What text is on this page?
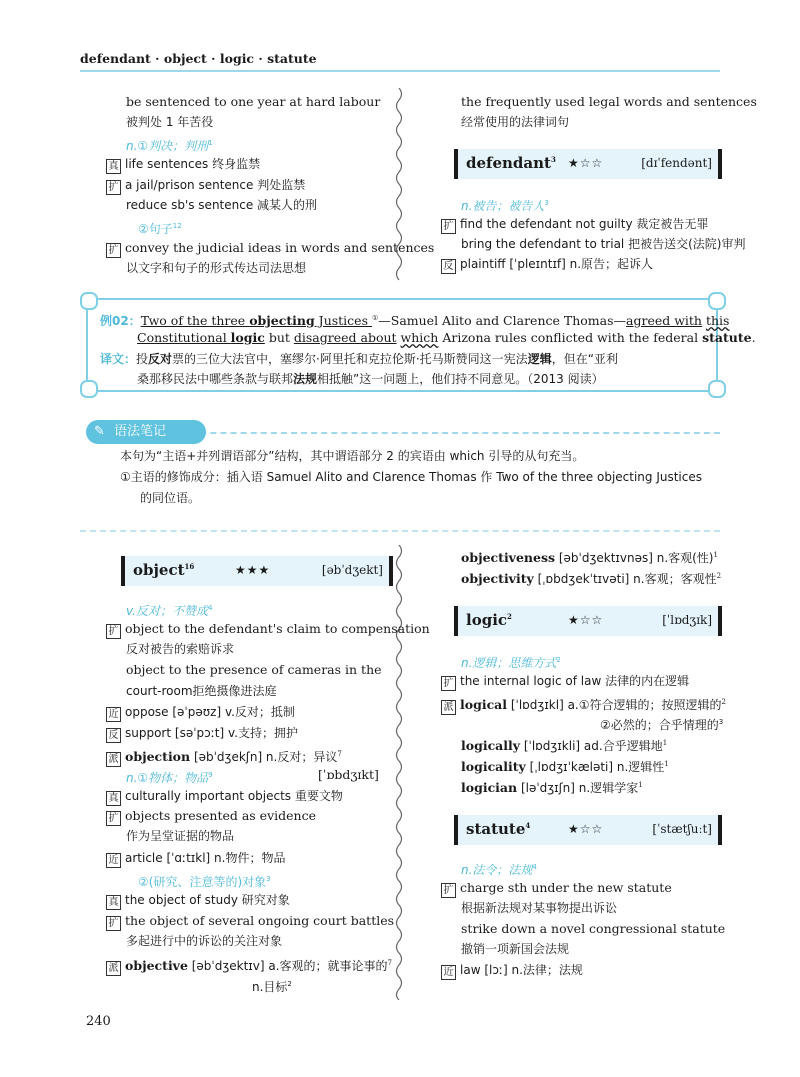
defendant · object · logic · statute
be sentenced to one year at hard labour
被判处 1 年苦役
n.①判决；判刑$^1$
真 life sentences 终身监禁
扩 a jail/prison sentence 判处监禁
reduce sb's sentence 减某人的刑
②句子$^{12}$
扩 convey the judicial ideas in words and sentences
以文字和句子的形式传达司法思想
the frequently used legal words and sentences
经常使用的法律词句
defendant$^3$ ★☆☆	[dɪˈfendənt]
n.被告；被告人$^3$
扩 find the defendant not guilty 裁定被告无罪
bring the defendant to trial 把被告送交(法院)审判
反 plaintiff [ˈpleɪntɪf] n.原告；起诉人
例02：Two of the three objecting Justices ①—Samuel Alito and Clarence Thomas—agreed with this
Constitutional logic but disagreed about which Arizona rules conflicted with the federal statute.
译文：投反对票的三位大法官中，塞缪尔·阿里托和克拉伦斯·托马斯赞同这一宪法逻辑，但在“亚利
桑那移民法中哪些条款与联邦法规相抵触”这一问题上，他们持不同意见。（2013 阅读）
✎ 语法笔记
本句为“主语+并列谓语部分”结构，其中谓语部分 2 的宾语由 which 引导的从句充当。
①主语的修饰成分：插入语 Samuel Alito and Clarence Thomas 作 Two of the three objecting Justices
的同位语。
object$^{16}$	★★★	[əbˈdʒekt]
v.反对；不赞成$^4$
扩 object to the defendant's claim to compensation
反对被告的索赔诉求
object to the presence of cameras in the
court-room拒绝摄像进法庭
近 oppose [əˈpəʊz] v.反对；抵制
反 support [səˈpɔːt] v.支持；拥护
派 objection [əbˈdʒekʃn] n.反对；异议$^7$
n.①物体；物品$^9$	[ˈɒbdʒɪkt]
真 culturally important objects 重要文物
扩 objects presented as evidence
作为呈堂证据的物品
近 article [ˈɑːtɪkl] n.物件；物品
②(研究、注意等的)对象$^3$
真 the object of study 研究对象
扩 the object of several ongoing court battles
多起进行中的诉讼的关注对象
派 objective [əbˈdʒektɪv] a.客观的；就事论事的$^7$
n.目标$^2$
objectiveness [əbˈdʒektɪvnəs] n.客观(性)$^1$
objectivity [ˌɒbdʒekˈtɪvəti] n.客观；客观性$^2$
logic$^2$	★☆☆	[ˈlɒdʒɪk]
n.逻辑；思维方式$^2$
扩 the internal logic of law 法律的内在逻辑
派 logical [ˈlɒdʒɪkl] a.①符合逻辑的；按照逻辑的$^2$
②必然的；合乎情理的$^3$
logically [ˈlɒdʒɪkli] ad.合乎逻辑地$^1$
logicality [ˌlɒdʒɪˈkæləti] n.逻辑性$^1$
logician [ləˈdʒɪʃn] n.逻辑学家$^1$
statute$^4$	★☆☆	[ˈstætʃuːt]
n.法令；法规$^4$
扩 charge sth under the new statute
根据新法规对某事物提出诉讼
strike down a novel congressional statute
撤销一项新国会法规
近 law [lɔː] n.法律；法规
240
